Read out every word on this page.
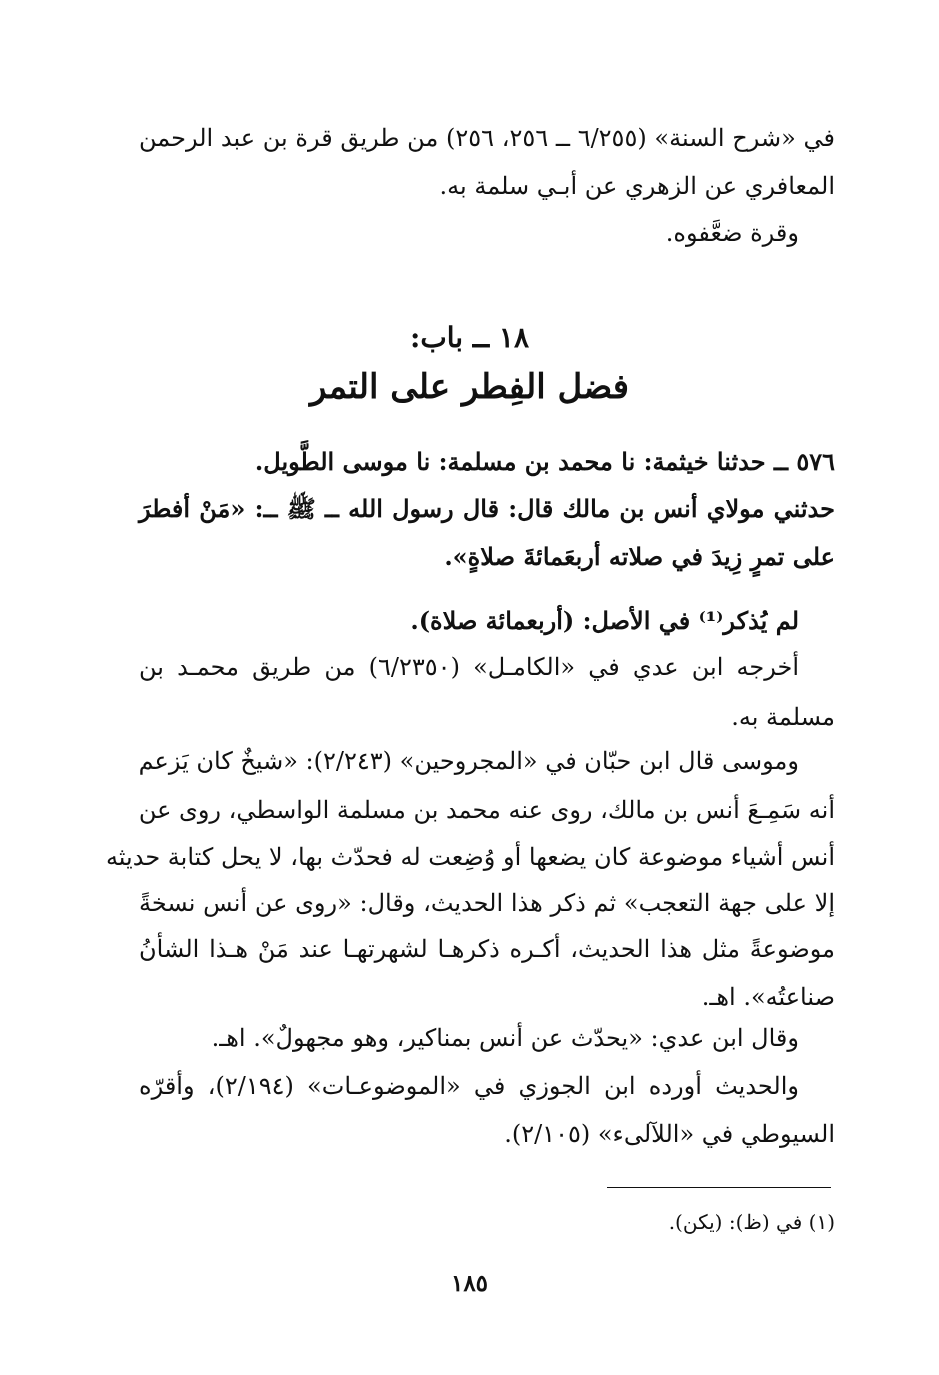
في «شرح السنة» (٦/٢٥٥ ــ ٢٥٦، ٢٥٦) من طريق قرة بن عبد الرحمن
المعافري عن الزهري عن أبـي سلمة به.
وقرة ضعَّفوه.
١٨ ــ باب:
فضل الفِطر على التمر
٥٧٦ ــ حدثنا خيثمة: نا محمد بن مسلمة: نا موسى الطَّويل.
حدثني مولاي أنس بن مالك قال: قال رسول الله ــ ﷺ ــ: «مَنْ أفطرَ
على تمرٍ زِيدَ في صلاته أربعَمائةَ صلاةٍ».
لم يُذكر⁽¹⁾ في الأصل: (أربعمائة صلاة).
أخرجه ابن عدي في «الكامـل» (٦/٢٣٥٠) من طريق محمـد بن
مسلمة به.
وموسى قال ابن حبّان في «المجروحين» (٢/٢٤٣): «شيخٌ كان يَزعم
أنه سَمِـعَ أنس بن مالك، روى عنه محمد بن مسلمة الواسطي، روى عن
أنس أشياء موضوعة كان يضعها أو وُضِعت له فحدّث بها، لا يحل كتابة حديثه
إلا على جهة التعجب» ثم ذكر هذا الحديث، وقال: «روى عن أنس نسخةً
موضوعةً مثل هذا الحديث، أكـره ذكرهـا لشهرتهـا عند مَنْ هـذا الشأنُ
صناعتُه». اهـ.
وقال ابن عدي: «يحدّث عن أنس بمناكير، وهو مجهولٌ». اهـ.
والحديث أورده ابن الجوزي في «الموضوعـات» (٢/١٩٤)، وأقرّه
السيوطي في «اللآلىء» (٢/١٠٥).
(١) في (ظ): (يكن).
١٨٥
